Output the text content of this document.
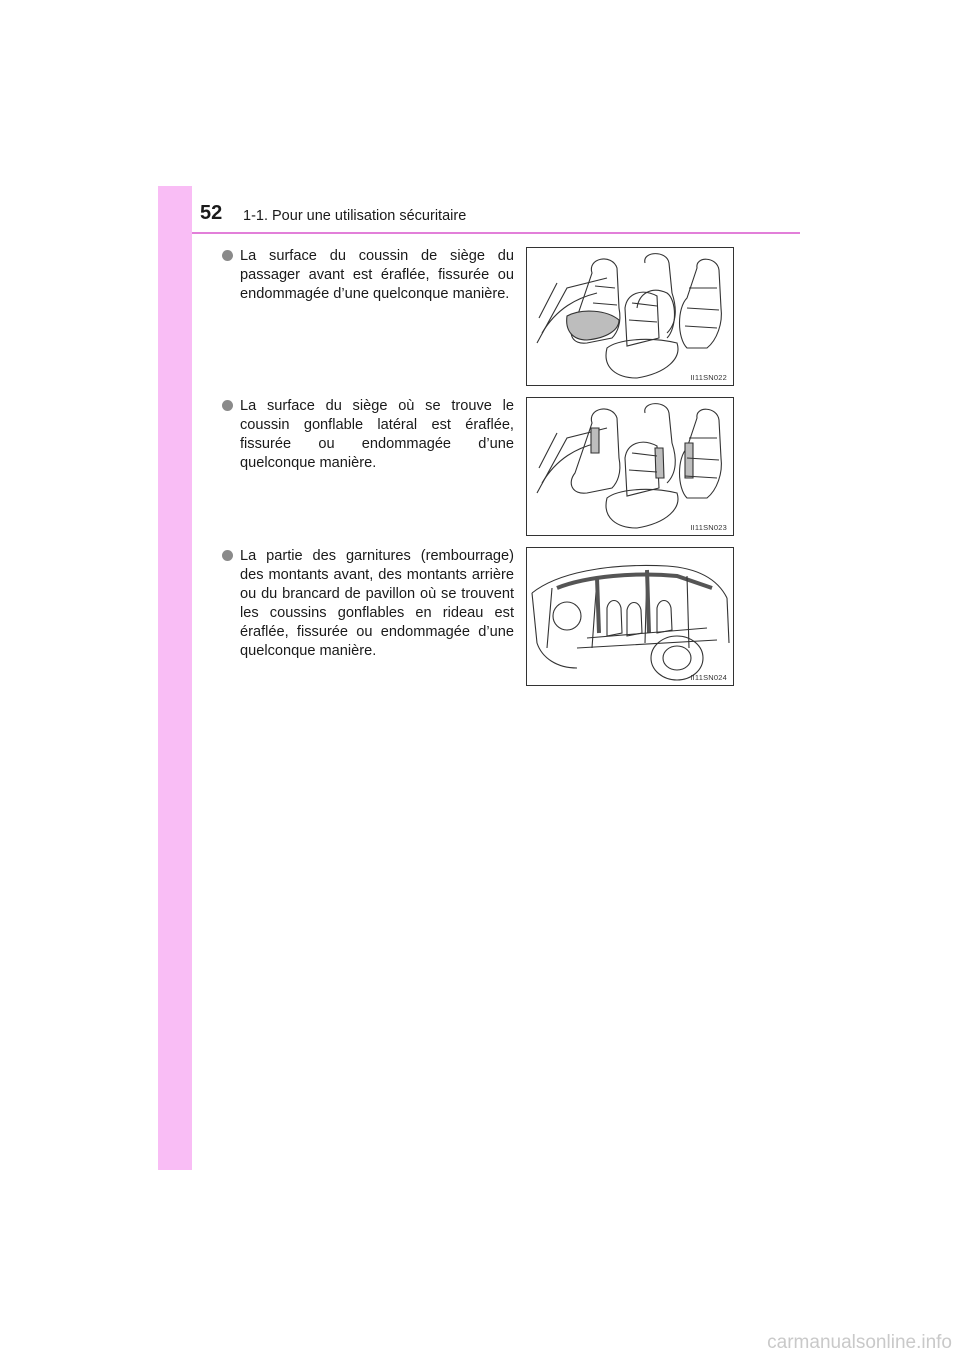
52 1-1. Pour une utilisation sécuritaire
La surface du coussin de siège du passager avant est éraflée, fissurée ou endommagée d’une quelconque manière.
II11SN022
La surface du siège où se trouve le coussin gonflable latéral est éraflée, fissurée ou endommagée d’une quelconque manière.
II11SN023
La partie des garnitures (rembourrage) des montants avant, des montants arrière ou du brancard de pavillon où se trouvent les coussins gonflables en rideau est éraflée, fissurée ou endommagée d’une quelconque manière.
II11SN024
carmanualsonline.info
